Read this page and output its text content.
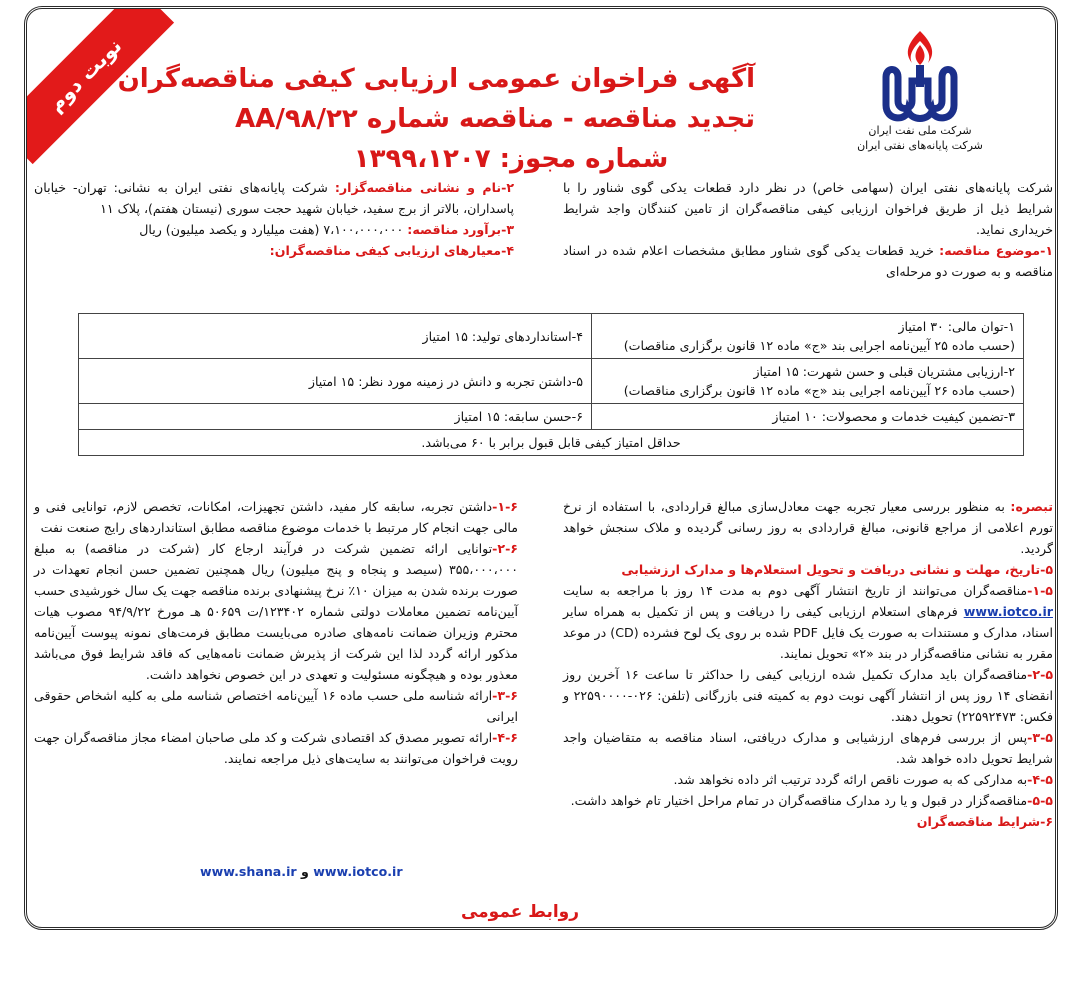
نوبت دوم
شرکت ملی نفت ایران
شرکت پایانه‌های نفتی ایران
آگهی فراخوان عمومی ارزیابی کیفی مناقصه‌گران
تجدید مناقصه - مناقصه شماره ۹۸/۲۲/AA
شماره مجوز: ۱۳۹۹،۱۲۰۷

شرکت پایانه‌های نفتی ایران (سهامی خاص) در نظر دارد قطعات یدکی گوی شناور را با شرایط ذیل از طریق فراخوان ارزیابی کیفی مناقصه‌گران از تامین کنندگان واجد شرایط خریداری نماید.

۱-موضوع مناقصه: خرید قطعات یدکی گوی شناور مطابق مشخصات اعلام شده در اسناد مناقصه و به صورت دو مرحله‌ای

۲-نام و نشانی مناقصه‌گزار: شرکت پایانه‌های نفتی ایران به نشانی: تهران- خیابان پاسداران، بالاتر از برج سفید، خیابان شهید حجت سوری (نیستان هفتم)، پلاک ۱۱

۳-برآورد مناقصه: ۷،۱۰۰،۰۰۰،۰۰۰ (هفت میلیارد و یکصد میلیون) ریال

۴-معیارهای ارزیابی کیفی مناقصه‌گران:

۱-توان مالی: ۳۰ امتیاز
(حسب ماده ۲۵ آیین‌نامه اجرایی بند «ج» ماده ۱۲ قانون برگزاری مناقصات)	۴-استانداردهای تولید: ۱۵ امتیاز

۲-ارزیابی مشتریان قبلی و حسن شهرت: ۱۵ امتیاز
(حسب ماده ۲۶ آیین‌نامه اجرایی بند «ج» ماده ۱۲ قانون برگزاری مناقصات)	۵-داشتن تجربه و دانش در زمینه مورد نظر: ۱۵ امتیاز
۳-تضمین کیفیت خدمات و محصولات: ۱۰ امتیاز	۶-حسن سابقه: ۱۵ امتیاز
حداقل امتیاز کیفی قابل قبول برابر با ۶۰ می‌باشد.	

تبصره: به منظور بررسی معیار تجربه جهت معادل‌سازی مبالغ قراردادی، با استفاده از نرخ تورم اعلامی از مراجع قانونی، مبالغ قراردادی به روز رسانی گردیده و ملاک سنجش خواهد گردید.

۵-تاریخ، مهلت و نشانی دریافت و تحویل استعلام‌ها و مدارک ارزشیابی

۱-۵-مناقصه‌گران می‌توانند از تاریخ انتشار آگهی دوم به مدت ۱۴ روز با مراجعه به سایت www.iotco.ir فرم‌های استعلام ارزیابی کیفی را دریافت و پس از تکمیل به همراه سایر اسناد، مدارک و مستندات به صورت یک فایل PDF شده بر روی یک لوح فشرده (CD) در موعد مقرر به نشانی مناقصه‌گزار در بند «۲» تحویل نمایند.

۲-۵-مناقصه‌گران باید مدارک تکمیل شده ارزیابی کیفی را حداکثر تا ساعت ۱۶ آخرین روز انقضای ۱۴ روز پس از انتشار آگهی نوبت دوم به کمیته فنی بازرگانی (تلفن: ۰۲۶-۲۲۵۹۰۰۰۰ و فکس: ۲۲۵۹۲۴۷۳) تحویل دهند.

۳-۵-پس از بررسی فرم‌های ارزشیابی و مدارک دریافتی، اسناد مناقصه به متقاضیان واجد شرایط تحویل داده خواهد شد.

۴-۵-به مدارکی که به صورت ناقص ارائه گردد ترتیب اثر داده نخواهد شد.

۵-۵-مناقصه‌گزار در قبول و یا رد مدارک مناقصه‌گران در تمام مراحل اختیار تام خواهد داشت.

۶-شرایط مناقصه‌گران

۱-۶-داشتن تجربه، سابقه کار مفید، داشتن تجهیزات، امکانات، تخصص لازم، توانایی فنی و مالی جهت انجام کار مرتبط با خدمات موضوع مناقصه مطابق استانداردهای رایج صنعت نفت

۲-۶-توانایی ارائه تضمین شرکت در فرآیند ارجاع کار (شرکت در مناقصه) به مبلغ ۳۵۵،۰۰۰،۰۰۰ (سیصد و پنجاه و پنج میلیون) ریال همچنین تضمین حسن انجام تعهدات در صورت برنده شدن به میزان ۱۰٪ نرخ پیشنهادی برنده مناقصه جهت یک سال خورشیدی حسب آیین‌نامه تضمین معاملات دولتی شماره ۱۲۳۴۰۲/ت ۵۰۶۵۹ هـ مورخ ۹۴/۹/۲۲ مصوب هیات محترم وزیران ضمانت نامه‌های صادره می‌بایست مطابق فرمت‌های نمونه پیوست آیین‌نامه مذکور ارائه گردد لذا این شرکت از پذیرش ضمانت نامه‌هایی که فاقد شرایط فوق می‌باشد معذور بوده و هیچگونه مسئولیت و تعهدی در این خصوص نخواهد داشت.

۳-۶-ارائه شناسه ملی حسب ماده ۱۶ آیین‌نامه اختصاص شناسه ملی به کلیه اشخاص حقوقی ایرانی

۴-۶-ارائه تصویر مصدق کد اقتصادی شرکت و کد ملی صاحبان امضاء مجاز مناقصه‌گران جهت رویت فراخوان می‌توانند به سایت‌های ذیل مراجعه نمایند.

www.shana.ir و www.iotco.ir
روابط عمومی
